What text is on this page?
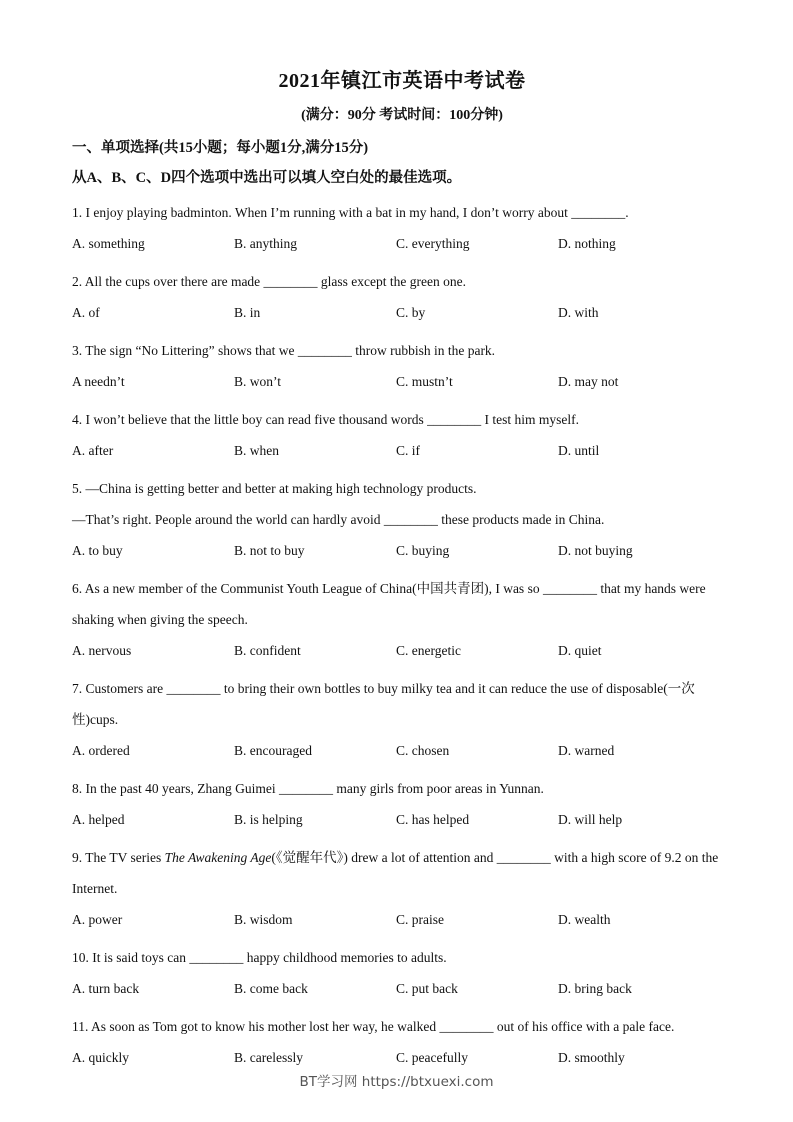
2021年镇江市英语中考试卷
(满分：90分 考试时间：100分钟)
一、单项选择(共15小题；每小题1分,满分15分)
从A、B、C、D四个选项中选出可以填人空白处的最佳选项。
1. I enjoy playing badminton. When I’m running with a bat in my hand, I don’t worry about ________.
A. something	B. anything	C. everything	D. nothing
2. All the cups over there are made ________ glass except the green one.
A. of	B. in	C. by	D. with
3. The sign “No Littering” shows that we ________ throw rubbish in the park.
A needn’t	B. won’t	C. mustn’t	D. may not
4. I won’t believe that the little boy can read five thousand words ________ I test him myself.
A. after	B. when	C. if	D. until
5. —China is getting better and better at making high technology products.
—That’s right. People around the world can hardly avoid ________ these products made in China.
A. to buy	B. not to buy	C. buying	D. not buying
6. As a new member of the Communist Youth League of China(中国共青团), I was so ________ that my hands were shaking when giving the speech.
A. nervous	B. confident	C. energetic	D. quiet
7. Customers are ________ to bring their own bottles to buy milky tea and it can reduce the use of disposable(一次性)cups.
A. ordered	B. encouraged	C. chosen	D. warned
8. In the past 40 years, Zhang Guimei ________ many girls from poor areas in Yunnan.
A. helped	B. is helping	C. has helped	D. will help
9. The TV series The Awakening Age(《觉醒年代》) drew a lot of attention and ________ with a high score of 9.2 on the Internet.
A. power	B. wisdom	C. praise	D. wealth
10. It is said toys can ________ happy childhood memories to adults.
A. turn back	B. come back	C. put back	D. bring back
11. As soon as Tom got to know his mother lost her way, he walked ________ out of his office with a pale face.
A. quickly	B. carelessly	C. peacefully	D. smoothly
BT学习网 https://btxuexi.com
